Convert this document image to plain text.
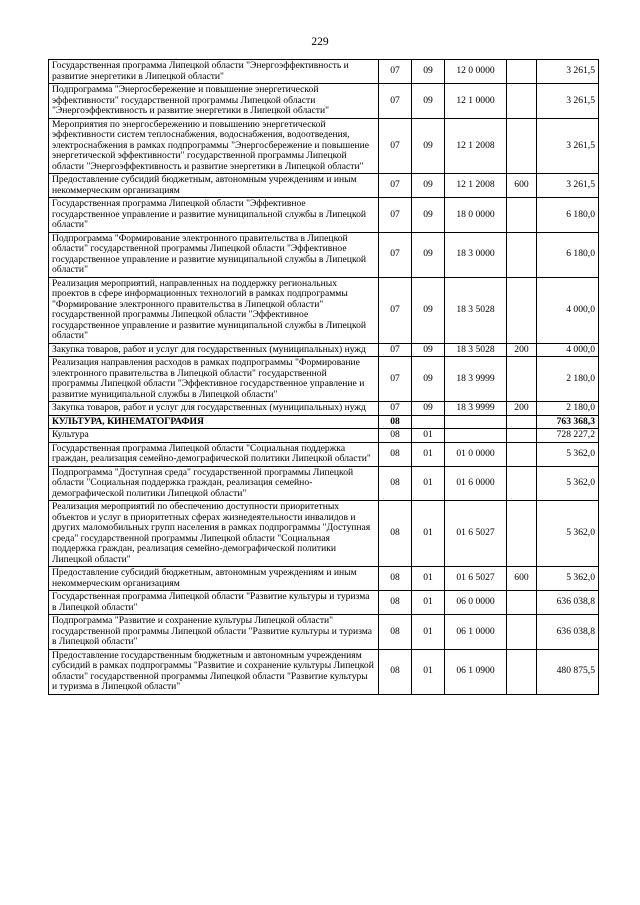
229
Государственная программа Липецкой области "Энергоэффективность и развитие энергетики в Липецкой области"	07	09	12 0 0000		3 261,5
Подпрограмма "Энергосбережение и повышение энергетической эффективности" государственной программы Липецкой области "Энергоэффективность и развитие энергетики в Липецкой области"	07	09	12 1 0000		3 261,5
Мероприятия по энергосбережению и повышению энергетической эффективности систем теплоснабжения, водоснабжения, водоотведения, электроснабжения в рамках подпрограммы "Энергосбережение и повышение энергетической эффективности" государственной программы Липецкой области "Энергоэффективность и развитие энергетики в Липецкой области"	07	09	12 1 2008		3 261,5
Предоставление субсидий бюджетным, автономным учреждениям и иным некоммерческим организациям	07	09	12 1 2008	600	3 261,5
Государственная программа Липецкой области "Эффективное государственное управление и развитие муниципальной службы в Липецкой области"	07	09	18 0 0000		6 180,0
Подпрограмма "Формирование электронного правительства в Липецкой области" государственной программы Липецкой области "Эффективное государственное управление и развитие муниципальной службы в Липецкой области"	07	09	18 3 0000		6 180,0
Реализация мероприятий, направленных на поддержку региональных проектов в сфере информационных технологий в рамках подпрограммы "Формирование электронного правительства в Липецкой области" государственной программы Липецкой области "Эффективное государственное управление и развитие муниципальной службы в Липецкой области"	07	09	18 3 5028		4 000,0
Закупка товаров, работ и услуг для государственных (муниципальных) нужд	07	09	18 3 5028	200	4 000,0
Реализация направления расходов в рамках подпрограммы "Формирование электронного правительства в Липецкой области" государственной программы Липецкой области "Эффективное государственное управление и развитие муниципальной службы в Липецкой области"	07	09	18 3 9999		2 180,0
Закупка товаров, работ и услуг для государственных (муниципальных) нужд	07	09	18 3 9999	200	2 180,0
КУЛЬТУРА, КИНЕМАТОГРАФИЯ	08				763 368,3
Культура	08	01			728 227,2
Государственная программа Липецкой области "Социальная поддержка граждан, реализация семейно-демографической политики Липецкой области"	08	01	01 0 0000		5 362,0
Подпрограмма "Доступная среда" государственной программы Липецкой области "Социальная поддержка граждан, реализация семейно-демографической политики Липецкой области"	08	01	01 6 0000		5 362,0
Реализация мероприятий по обеспечению доступности приоритетных объектов и услуг в приоритетных сферах жизнедеятельности инвалидов и других маломобильных групп населения в рамках подпрограммы "Доступная среда" государственной программы Липецкой области "Социальная поддержка граждан, реализация семейно-демографической политики Липецкой области"	08	01	01 6 5027		5 362,0
Предоставление субсидий бюджетным, автономным учреждениям и иным некоммерческим организациям	08	01	01 6 5027	600	5 362,0
Государственная программа Липецкой области "Развитие культуры и туризма в Липецкой области"	08	01	06 0 0000		636 038,8
Подпрограмма "Развитие и сохранение культуры Липецкой области" государственной программы Липецкой области "Развитие культуры и туризма в Липецкой области"	08	01	06 1 0000		636 038,8
Предоставление государственным бюджетным и автономным учреждениям субсидий в рамках подпрограммы "Развитие и сохранение культуры Липецкой области" государственной программы Липецкой области "Развитие культуры и туризма в Липецкой области"	08	01	06 1 0900		480 875,5
